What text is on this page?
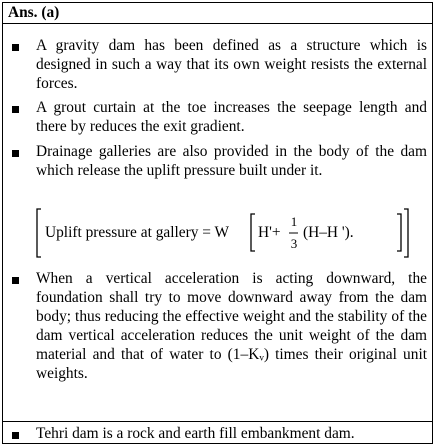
Ans. (a)
A gravity dam has been defined as a structure which is designed in such a way that its own weight resists the external forces.
A grout curtain at the toe increases the seepage length and there by reduces the exit gradient.
Drainage galleries are also provided in the body of the dam which release the uplift pressure built under it.
Uplift pressure at gallery = W H'+
1
3
(H–H ').
When a vertical acceleration is acting downward, the foundation shall try to move downward away from the dam body; thus reducing the effective weight and the stability of the dam vertical acceleration reduces the unit weight of the dam material and that of water to (1–Kᵥ) times their original unit weights.
Tehri dam is a rock and earth fill embankment dam.
